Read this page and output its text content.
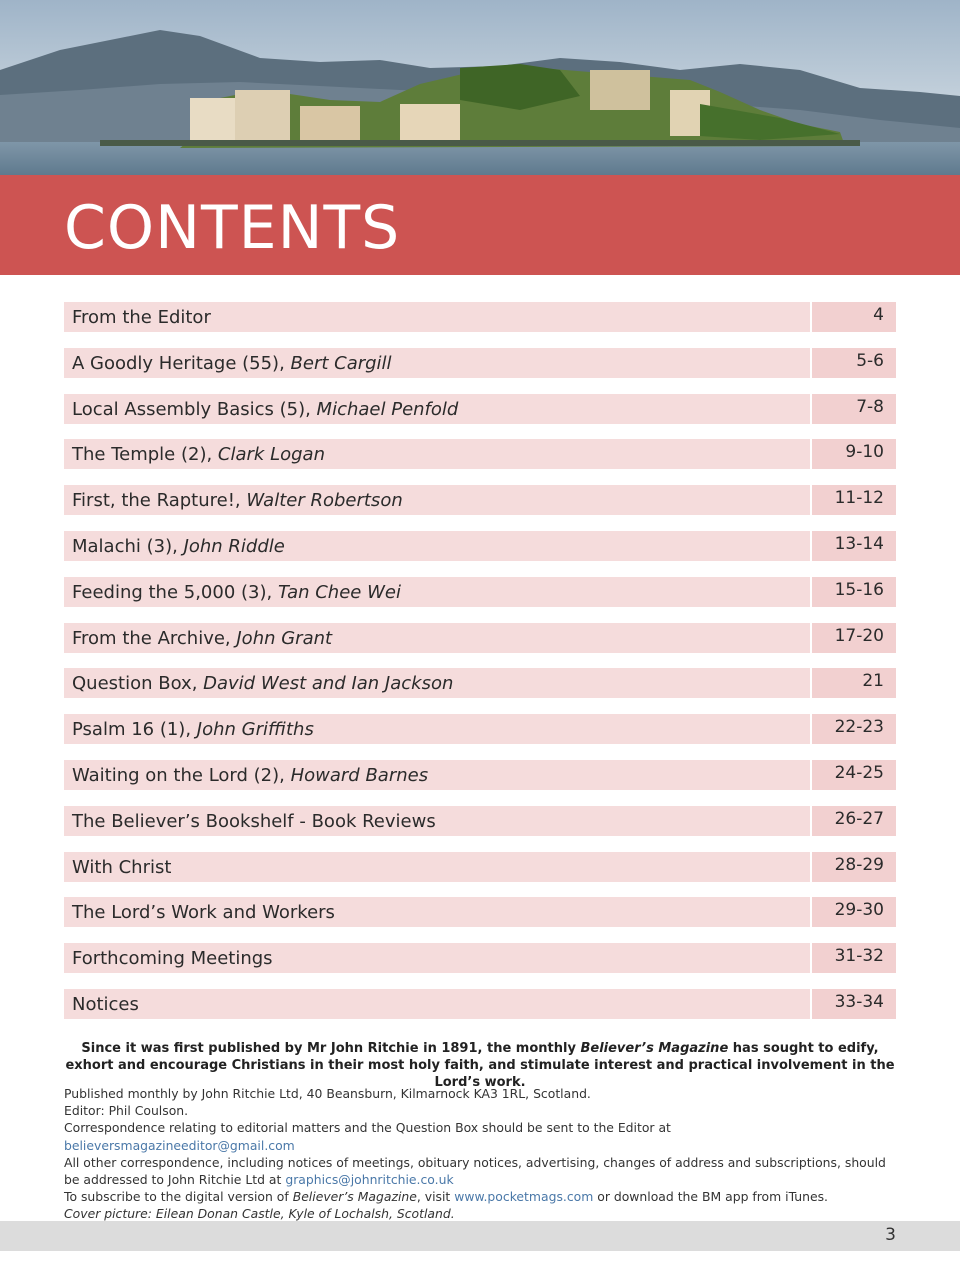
CONTENTS
From the Editor	4
A Goodly Heritage (55), Bert Cargill	5-6
Local Assembly Basics (5), Michael Penfold	7-8
The Temple (2), Clark Logan	9-10
First, the Rapture!, Walter Robertson	11-12
Malachi (3), John Riddle	13-14
Feeding the 5,000 (3), Tan Chee Wei	15-16
From the Archive, John Grant	17-20
Question Box, David West and Ian Jackson	21
Psalm 16 (1), John Griffiths	22-23
Waiting on the Lord (2), Howard Barnes	24-25
The Believer’s Bookshelf - Book Reviews	26-27
With Christ	28-29
The Lord’s Work and Workers	29-30
Forthcoming Meetings	31-32
Notices	33-34
Since it was first published by Mr John Ritchie in 1891, the monthly Believer’s Magazine has sought to edify, exhort and encourage Christians in their most holy faith, and stimulate interest and practical involvement in the Lord’s work.

Published monthly by John Ritchie Ltd, 40 Beansburn, Kilmarnock KA3 1RL, Scotland.

Editor: Phil Coulson.

Correspondence relating to editorial matters and the Question Box should be sent to the Editor at believersmagazineeditor@gmail.com

All other correspondence, including notices of meetings, obituary notices, advertising, changes of address and subscriptions, should be addressed to John Ritchie Ltd at graphics@johnritchie.co.uk

To subscribe to the digital version of Believer’s Magazine, visit www.pocketmags.com or download the BM app from iTunes.

Cover picture: Eilean Donan Castle, Kyle of Lochalsh, Scotland.

3
